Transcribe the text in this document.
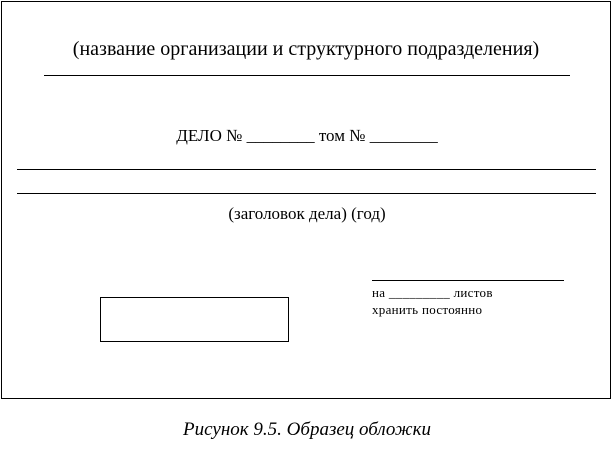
(название организации и структурного подразделения)
ДЕЛО № ________ том № ________
(заголовок дела) (год)
на _________ листов
хранить постоянно
Рисунок 9.5. Образец обложки
